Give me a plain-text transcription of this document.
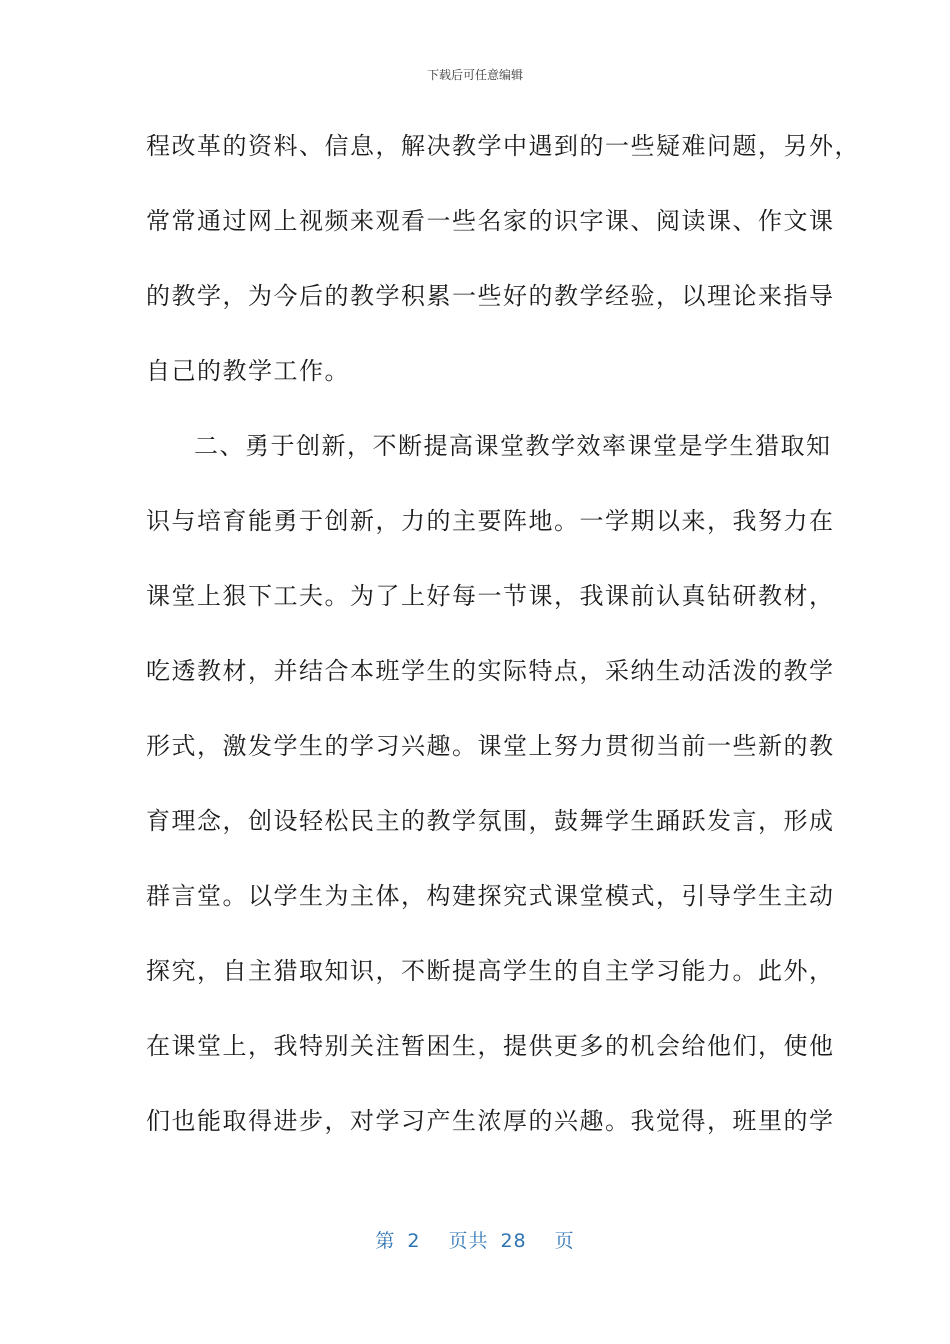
下载后可任意编辑
程改革的资料、信息，解决教学中遇到的一些疑难问题，另外，
常常通过网上视频来观看一些名家的识字课、阅读课、作文课
的教学，为今后的教学积累一些好的教学经验，以理论来指导
自己的教学工作。
二、勇于创新，不断提高课堂教学效率课堂是学生猎取知
识与培育能勇于创新，力的主要阵地。一学期以来，我努力在
课堂上狠下工夫。为了上好每一节课，我课前认真钻研教材，
吃透教材，并结合本班学生的实际特点，采纳生动活泼的教学
形式，激发学生的学习兴趣。课堂上努力贯彻当前一些新的教
育理念，创设轻松民主的教学氛围，鼓舞学生踊跃发言，形成
群言堂。以学生为主体，构建探究式课堂模式，引导学生主动
探究，自主猎取知识，不断提高学生的自主学习能力。此外，
在课堂上，我特别关注暂困生，提供更多的机会给他们，使他
们也能取得进步，对学习产生浓厚的兴趣。我觉得，班里的学
第 2 页共 28 页
